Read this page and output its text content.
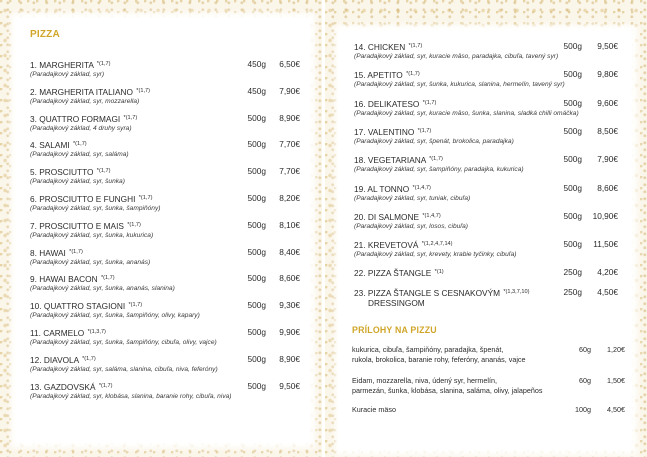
PIZZA
1. MARGHERITA $^{*(1,7)}$	450g	6,50€
(Paradajkový základ, syr)
2. MARGHERITA ITALIANO $^{*(1,7)}$	450g	7,90€
(Paradajkový základ, syr, mozzarella)
3. QUATTRO FORMAGI $^{*(1,7)}$	500g	8,90€
(Paradajkový základ, 4 druhy syra)
4. SALAMI $^{*(1,7)}$	500g	7,70€
(Paradajkový základ, syr, saláma)
5. PROSCIUTTO $^{*(1,7)}$	500g	7,70€
(Paradajkový základ, syr, šunka)
6. PROSCIUTTO E FUNGHI $^{*(1,7)}$	500g	8,20€
(Paradajkový základ, syr, šunka, šampiňóny)
7. PROSCIUTTO E MAIS $^{*(1,7)}$	500g	8,10€
(Paradajkový základ, syr, šunka, kukurica)
8. HAWAI $^{*(1,7)}$	500g	8,40€
(Paradajkový základ, syr, šunka, ananás)
9. HAWAI BACON $^{*(1,7)}$	500g	8,60€
(Paradajkový základ, syr, šunka, ananás, slanina)
10. QUATTRO STAGIONI $^{*(1,7)}$	500g	9,30€
(Paradajkový základ, syr, šunka, šampiňóny, olivy, kapary)
11. CARMELO $^{*(1,3,7)}$	500g	9,90€
(Paradajkový základ, syr, šunka, šampiňóny, cibuľa, olivy, vajce)
12. DIAVOLA $^{*(1,7)}$	500g	8,90€
(Paradajkový základ, syr, saláma, slanina, cibuľa, niva, feferóny)
13. GAZDOVSKÁ $^{*(1,7)}$	500g	9,50€
(Paradajkový základ, syr, klobása, slanina, baranie rohy, cibuľa, niva)
14. CHICKEN $^{*(1,7)}$	500g	9,50€
(Paradajkový základ, syr, kuracie mäso, paradajka, cibuľa, tavený syr)
15. APETITO $^{*(1,7)}$	500g	9,80€
(Paradajkový základ, syr, šunka, kukurica, slanina, hermelín, tavený syr)
16. DELIKATESO $^{*(1,7)}$	500g	9,60€
(Paradajkový základ, syr, kuracie mäso, šunka, slanina, sladká chilli omáčka)
17. VALENTINO $^{*(1,7)}$	500g	8,50€
(Paradajkový základ, syr, špenát, brokolica, paradajka)
18. VEGETARIANA $^{*(1,7)}$	500g	7,90€
(Paradajkový základ, syr, šampiňóny, paradajka, kukurica)
19. AL TONNO $^{*(1,4,7)}$	500g	8,60€
(Paradajkový základ, syr, tuniak, cibuľa)
20. DI SALMONE $^{*(1,4,7)}$	500g 10,90€
(Paradajkový základ, syr, losos, cibuľa)
21. KREVETOVÁ $^{*(1,2,4,7,14)}$	500g 11,50€
(Paradajkový základ, syr, krevety, krabie tyčinky, cibuľa)
22. PIZZA ŠTANGLE $^{*(1)}$	250g	4,20€
23. PIZZA ŠTANGLE S CESNAKOVÝM $^{*(1,3,7,10)}$	250g	4,50€
DRESSINGOM
PRÍLOHY NA PIZZU
kukurica, cibuľa, šampiňóny, paradajka, špenát,	60g	1,20€
rukola, brokolica, baranie rohy, feferóny, ananás, vajce
Eidam, mozzarella, niva, údený syr, hermelín,	60g	1,50€
parmezán, šunka, klobása, slanina, saláma, olivy, jalapeños
Kuracie mäso	100g	4,50€
